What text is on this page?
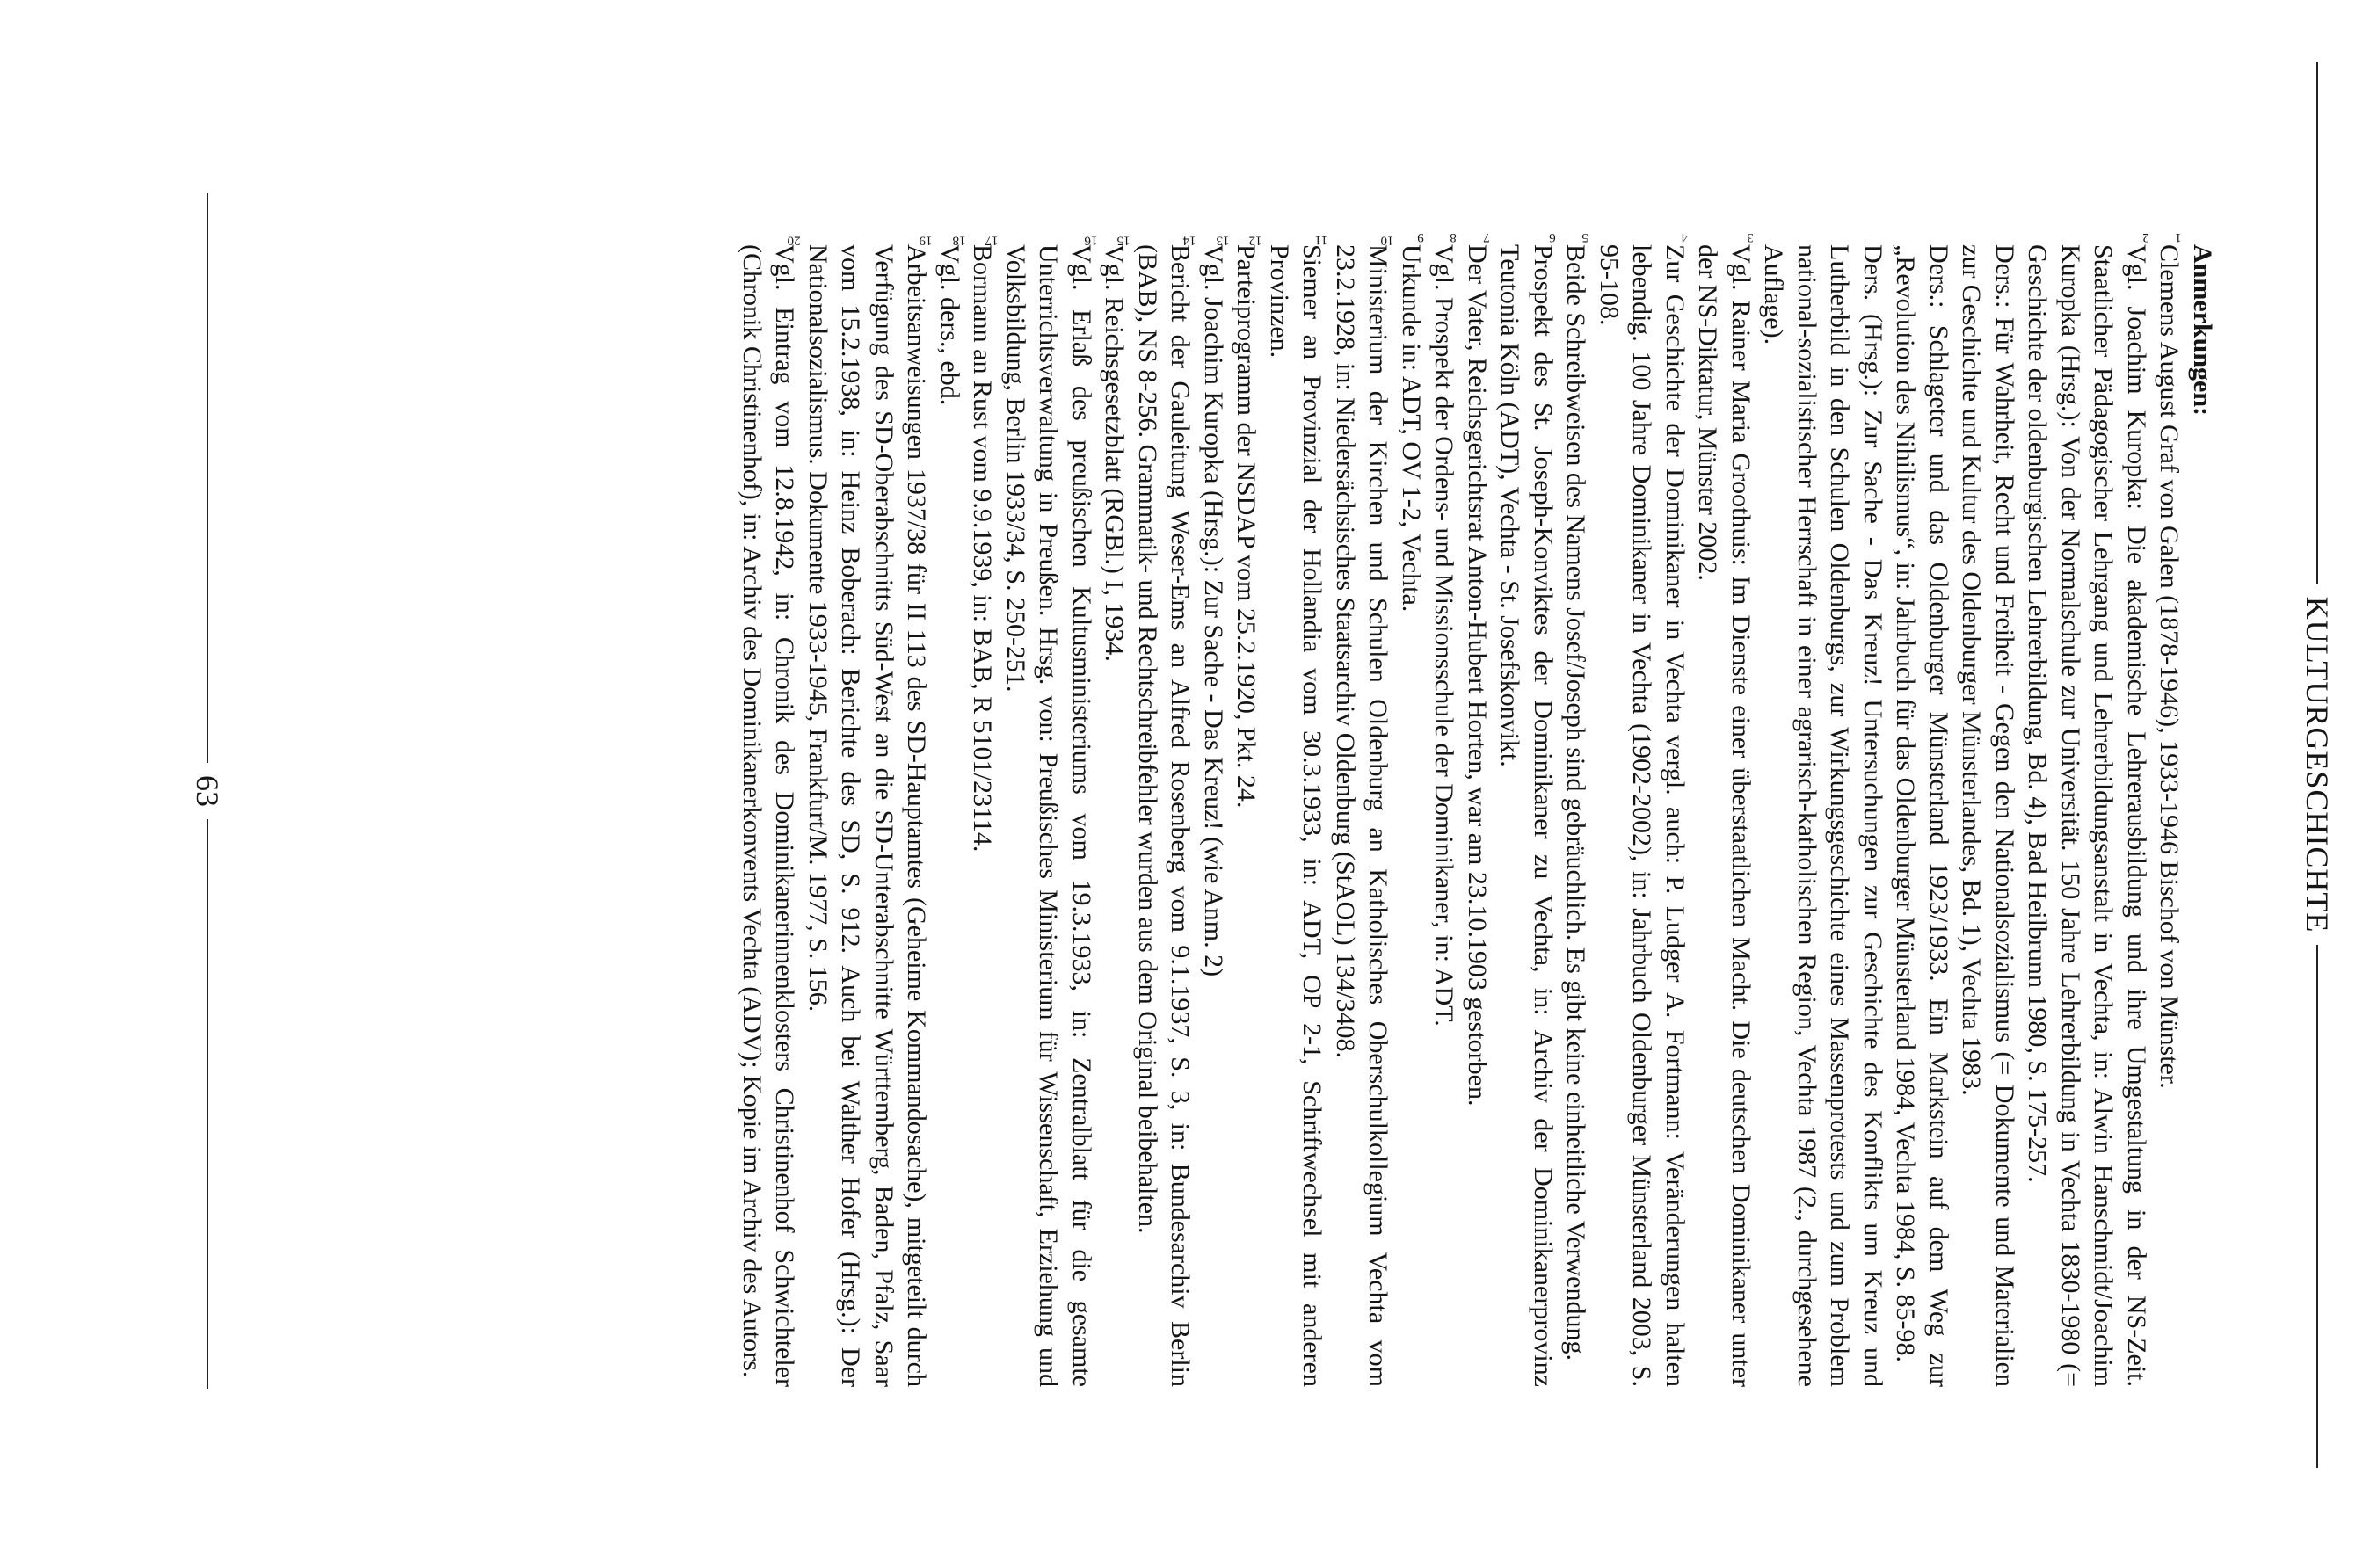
KULTURGESCHICHTE

Anmerkungen:

1
Clemens August Graf von Galen (1878-1946), 1933-1946 Bischof von Münster.
2
Vgl. Joachim Kuropka: Die akademische Lehrerausbildung und ihre Umgestaltung in der NS-Zeit. Staatlicher Pädagogischer Lehrgang und Lehrerbildungsanstalt in Vechta, in: Alwin Hanschmidt/Joachim Kuropka (Hrsg.): Von der Normalschule zur Universität. 150 Jahre Lehrerbildung in Vechta 1830-1980 (= Geschichte der oldenburgischen Lehrerbildung, Bd. 4), Bad Heilbrunn 1980, S. 175-257.
Ders.: Für Wahrheit, Recht und Freiheit - Gegen den Nationalsozialismus (= Dokumente und Materialien zur Geschichte und Kultur des Oldenburger Münsterlandes, Bd. 1), Vechta 1983.
Ders.: Schlageter und das Oldenburger Münsterland 1923/1933. Ein Markstein auf dem Weg zur „Revolution des Nihilismus“, in: Jahrbuch für das Oldenburger Münsterland 1984, Vechta 1984, S. 85-98.
Ders. (Hrsg.): Zur Sache - Das Kreuz! Untersuchungen zur Geschichte des Konflikts um Kreuz und Lutherbild in den Schulen Oldenburgs, zur Wirkungsgeschichte eines Massenprotests und zum Problem national-sozialistischer Herrschaft in einer agrarisch-katholischen Region, Vechta 1987 (2., durchgesehene Auflage).
3
Vgl. Rainer Maria Groothuis: Im Dienste einer überstaatlichen Macht. Die deutschen Dominikaner unter der NS-Diktatur, Münster 2002.
4
Zur Geschichte der Dominikaner in Vechta vergl. auch: P. Ludger A. Fortmann: Veränderungen halten lebendig. 100 Jahre Dominikaner in Vechta (1902-2002), in: Jahrbuch Oldenburger Münsterland 2003, S. 95-108.
5
Beide Schreibweisen des Namens Josef/Joseph sind gebräuchlich. Es gibt keine einheitliche Verwendung.
6
Prospekt des St. Joseph-Konviktes der Dominikaner zu Vechta, in: Archiv der Dominikanerprovinz Teutonia Köln (ADT), Vechta - St. Josefskonvikt.
7
Der Vater, Reichsgerichtsrat Anton-Hubert Horten, war am 23.10.1903 gestorben.
8
Vgl. Prospekt der Ordens- und Missionsschule der Dominikaner, in: ADT.
9
Urkunde in: ADT, OV 1-2, Vechta.
10
Ministerium der Kirchen und Schulen Oldenburg an Katholisches Oberschulkollegium Vechta vom 23.2.1928, in: Niedersächsisches Staatsarchiv Oldenburg (StAOL) 134/3408.
11
Siemer an Provinzial der Hollandia vom 30.3.1933, in: ADT, OP 2-1, Schriftwechsel mit anderen Provinzen.
12
Parteiprogramm der NSDAP vom 25.2.1920, Pkt. 24.
13
Vgl. Joachim Kuropka (Hrsg.): Zur Sache - Das Kreuz! (wie Anm. 2)
14
Bericht der Gauleitung Weser-Ems an Alfred Rosenberg vom 9.1.1937, S. 3, in: Bundesarchiv Berlin (BAB), NS 8-256. Grammatik- und Rechtschreibfehler wurden aus dem Original beibehalten.
15
Vgl. Reichsgesetzblatt (RGBl.) I, 1934.
16
Vgl. Erlaß des preußischen Kultusministeriums vom 19.3.1933, in: Zentralblatt für die gesamte Unterrichtsverwaltung in Preußen. Hrsg. von: Preußisches Ministerium für Wissenschaft, Erziehung und Volksbildung, Berlin 1933/34, S. 250-251.
17
Bormann an Rust vom 9.9.1939, in: BAB, R 5101/23114.
18
Vgl. ders., ebd.
19
Arbeitsanweisungen 1937/38 für II 113 des SD-Hauptamtes (Geheime Kommandosache), mitgeteilt durch Verfügung des SD-Oberabschnitts Süd-West an die SD-Unterabschnitte Württemberg, Baden, Pfalz, Saar vom 15.2.1938, in: Heinz Boberach: Berichte des SD, S. 912. Auch bei Walther Hofer (Hrsg.): Der Nationalsozialismus. Dokumente 1933-1945, Frankfurt/M. 1977, S. 156.
20
Vgl. Eintrag vom 12.8.1942, in: Chronik des Dominikanerinnenklosters Christinenhof Schwichteler (Chronik Christinenhof), in: Archiv des Dominikanerkonvents Vechta (ADV); Kopie im Archiv des Autors.
63
